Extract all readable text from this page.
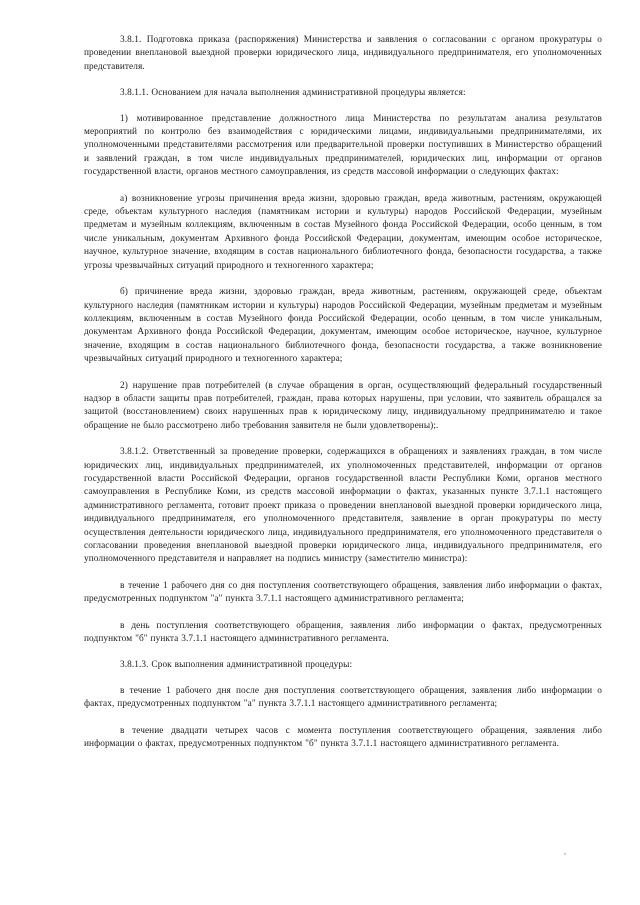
3.8.1. Подготовка приказа (распоряжения) Министерства и заявления о согласовании с органом прокуратуры о проведении внеплановой выездной проверки юридического лица, индивидуального предпринимателя, его уполномоченных представителя.

3.8.1.1. Основанием для начала выполнения административной процедуры является:

1) мотивированное представление должностного лица Министерства по результатам анализа результатов мероприятий по контролю без взаимодействия с юридическими лицами, индивидуальными предпринимателями, их уполномоченными представителями рассмотрения или предварительной проверки поступивших в Министерство обращений и заявлений граждан, в том числе индивидуальных предпринимателей, юридических лиц, информации от органов государственной власти, органов местного самоуправления, из средств массовой информации о следующих фактах:

а) возникновение угрозы причинения вреда жизни, здоровью граждан, вреда животным, растениям, окружающей среде, объектам культурного наследия (памятникам истории и культуры) народов Российской Федерации, музейным предметам и музейным коллекциям, включенным в состав Музейного фонда Российской Федерации, особо ценным, в том числе уникальным, документам Архивного фонда Российской Федерации, документам, имеющим особое историческое, научное, культурное значение, входящим в состав национального библиотечного фонда, безопасности государства, а также угрозы чрезвычайных ситуаций природного и техногенного характера;

б) причинение вреда жизни, здоровью граждан, вреда животным, растениям, окружающей среде, объектам культурного наследия (памятникам истории и культуры) народов Российской Федерации, музейным предметам и музейным коллекциям, включенным в состав Музейного фонда Российской Федерации, особо ценным, в том числе уникальным, документам Архивного фонда Российской Федерации, документам, имеющим особое историческое, научное, культурное значение, входящим в состав национального библиотечного фонда, безопасности государства, а также возникновение чрезвычайных ситуаций природного и техногенного характера;

2) нарушение прав потребителей (в случае обращения в орган, осуществляющий федеральный государственный надзор в области защиты прав потребителей, граждан, права которых нарушены, при условии, что заявитель обращался за защитой (восстановлением) своих нарушенных прав к юридическому лицу, индивидуальному предпринимателю и такое обращение не было рассмотрено либо требования заявителя не были удовлетворены);.

3.8.1.2. Ответственный за проведение проверки, содержащихся в обращениях и заявлениях граждан, в том числе юридических лиц, индивидуальных предпринимателей, их уполномоченных представителей, информации от органов государственной власти Российской Федерации, органов государственной власти Республики Коми, органов местного самоуправления в Республике Коми, из средств массовой информации о фактах, указанных пункте 3.7.1.1 настоящего административного регламента, готовит проект приказа о проведении внеплановой выездной проверки юридического лица, индивидуального предпринимателя, его уполномоченного представителя, заявление в орган прокуратуры по месту осуществления деятельности юридического лица, индивидуального предпринимателя, его уполномоченного представителя о согласовании проведения внеплановой выездной проверки юридического лица, индивидуального предпринимателя, его уполномоченного представителя и направляет на подпись министру (заместителю министра):

в течение 1 рабочего дня со дня поступления соответствующего обращения, заявления либо информации о фактах, предусмотренных подпунктом "а" пункта 3.7.1.1 настоящего административного регламента;

в день поступления соответствующего обращения, заявления либо информации о фактах, предусмотренных подпунктом "б" пункта 3.7.1.1 настоящего административного регламента.

3.8.1.3. Срок выполнения административной процедуры:

в течение 1 рабочего дня после дня поступления соответствующего обращения, заявления либо информации о фактах, предусмотренных подпунктом "а" пункта 3.7.1.1 настоящего административного регламента;

в течение двадцати четырех часов с момента поступления соответствующего обращения, заявления либо информации о фактах, предусмотренных подпунктом "б" пункта 3.7.1.1 настоящего административного регламента.
